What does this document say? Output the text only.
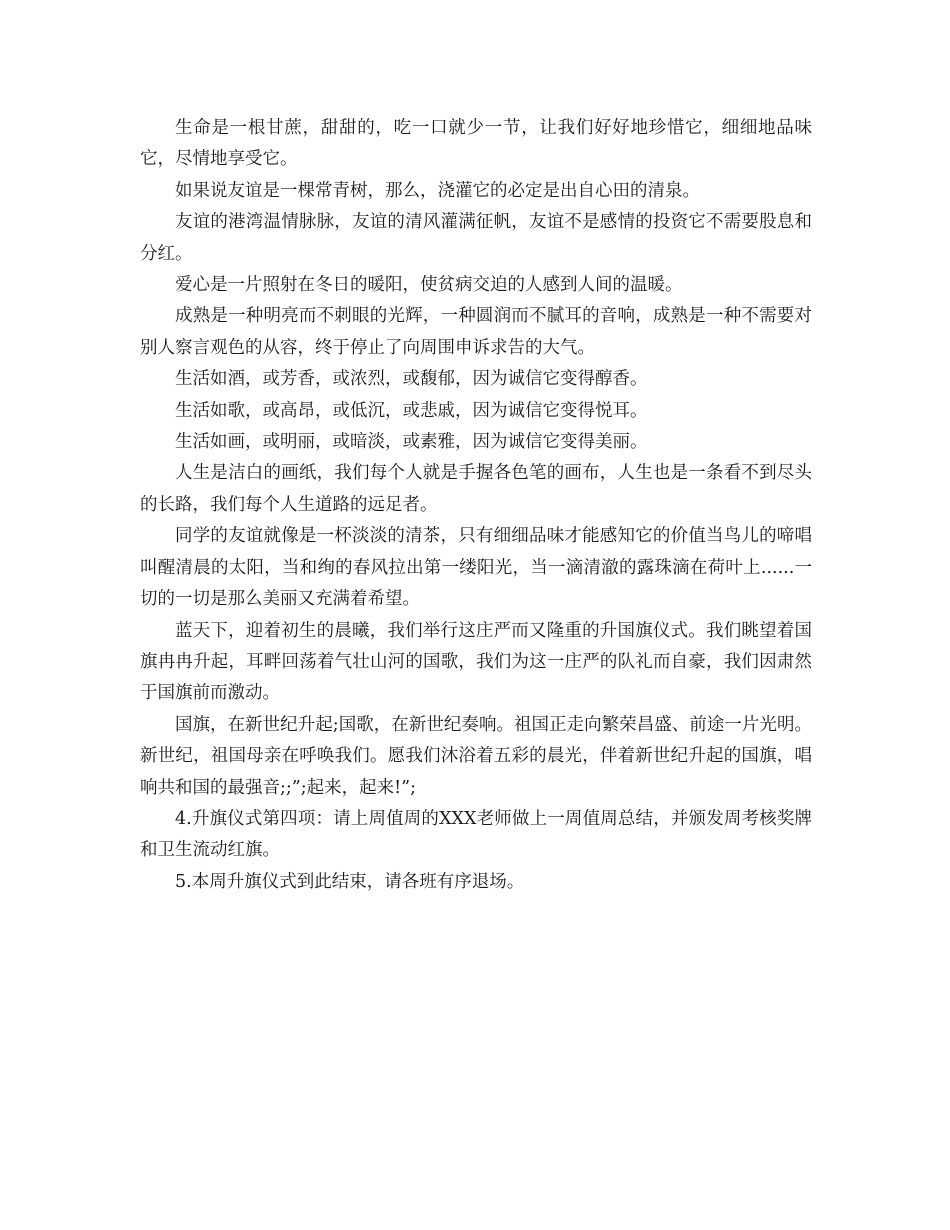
生命是一根甘蔗，甜甜的，吃一口就少一节，让我们好好地珍惜它，细细地品味它，尽情地享受它。

如果说友谊是一棵常青树，那么，浇灌它的必定是出自心田的清泉。

友谊的港湾温情脉脉，友谊的清风灌满征帆，友谊不是感情的投资它不需要股息和分红。

爱心是一片照射在冬日的暖阳，使贫病交迫的人感到人间的温暖。

成熟是一种明亮而不刺眼的光辉，一种圆润而不腻耳的音响，成熟是一种不需要对别人察言观色的从容，终于停止了向周围申诉求告的大气。

生活如酒，或芳香，或浓烈，或馥郁，因为诚信它变得醇香。

生活如歌，或高昂，或低沉，或悲戚，因为诚信它变得悦耳。

生活如画，或明丽，或暗淡，或素雅，因为诚信它变得美丽。

人生是洁白的画纸，我们每个人就是手握各色笔的画布，人生也是一条看不到尽头的长路，我们每个人生道路的远足者。

同学的友谊就像是一杯淡淡的清茶，只有细细品味才能感知它的价值当鸟儿的啼唱叫醒清晨的太阳，当和绚的春风拉出第一缕阳光，当一滴清澈的露珠滴在荷叶上......一切的一切是那么美丽又充满着希望。

蓝天下，迎着初生的晨曦，我们举行这庄严而又隆重的升国旗仪式。我们眺望着国旗冉冉升起，耳畔回荡着气壮山河的国歌，我们为这一庄严的队礼而自豪，我们因肃然于国旗前而激动。

国旗，在新世纪升起;国歌，在新世纪奏响。祖国正走向繁荣昌盛、前途一片光明。新世纪，祖国母亲在呼唤我们。愿我们沐浴着五彩的晨光，伴着新世纪升起的国旗，唱响共和国的最强音;;”;起来，起来!”;

4.升旗仪式第四项：请上周值周的XXX老师做上一周值周总结，并颁发周考核奖牌和卫生流动红旗。

5.本周升旗仪式到此结束，请各班有序退场。
